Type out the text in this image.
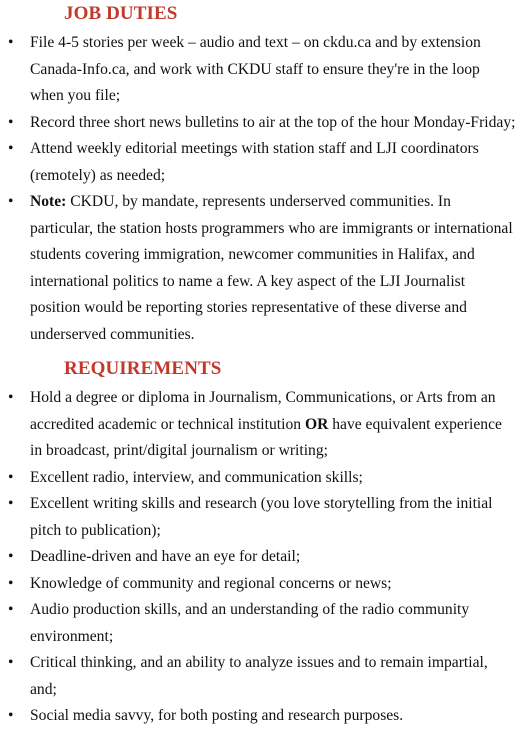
JOB DUTIES
•	File 4-5 stories per week – audio and text – on ckdu.ca and by extension Canada-Info.ca, and work with CKDU staff to ensure they're in the loop when you file;
•	Record three short news bulletins to air at the top of the hour Monday-Friday;
•	Attend weekly editorial meetings with station staff and LJI coordinators (remotely) as needed;
•	Note: CKDU, by mandate, represents underserved communities. In particular, the station hosts programmers who are immigrants or international students covering immigration, newcomer communities in Halifax, and international politics to name a few. A key aspect of the LJI Journalist position would be reporting stories representative of these diverse and underserved communities.
REQUIREMENTS
•	Hold a degree or diploma in Journalism, Communications, or Arts from an accredited academic or technical institution OR have equivalent experience in broadcast, print/digital journalism or writing;
•	Excellent radio, interview, and communication skills;
•	Excellent writing skills and research (you love storytelling from the initial pitch to publication);
•	Deadline-driven and have an eye for detail;
•	Knowledge of community and regional concerns or news;
•	Audio production skills, and an understanding of the radio community environment;
•	Critical thinking, and an ability to analyze issues and to remain impartial, and;
•	Social media savvy, for both posting and research purposes.
